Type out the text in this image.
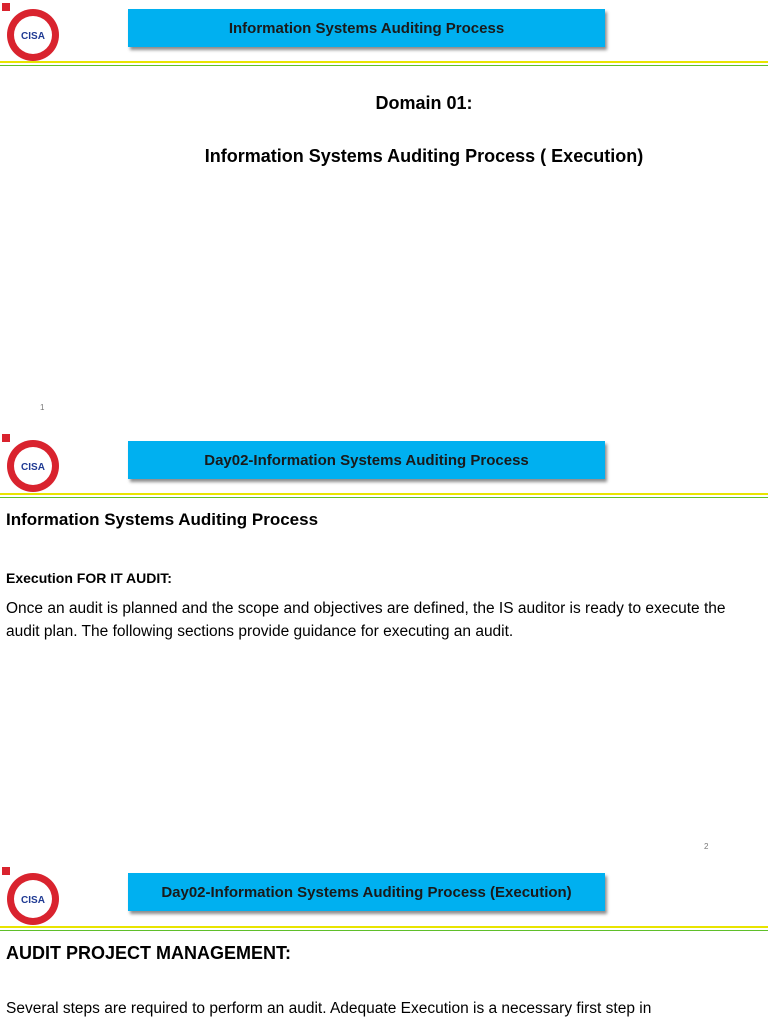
CISA	Information Systems Auditing Process
Domain 01:
Information Systems Auditing Process ( Execution)
1
CISA	Day02-Information Systems Auditing Process
Information Systems Auditing Process
Execution FOR IT AUDIT:
Once an audit is planned and the scope and objectives are defined, the IS auditor is ready to execute the audit plan. The following sections provide guidance for executing an audit.
2
CISA	Day02-Information Systems Auditing Process (Execution)
AUDIT PROJECT MANAGEMENT:
Several steps are required to perform an audit. Adequate Execution is a necessary first step in
